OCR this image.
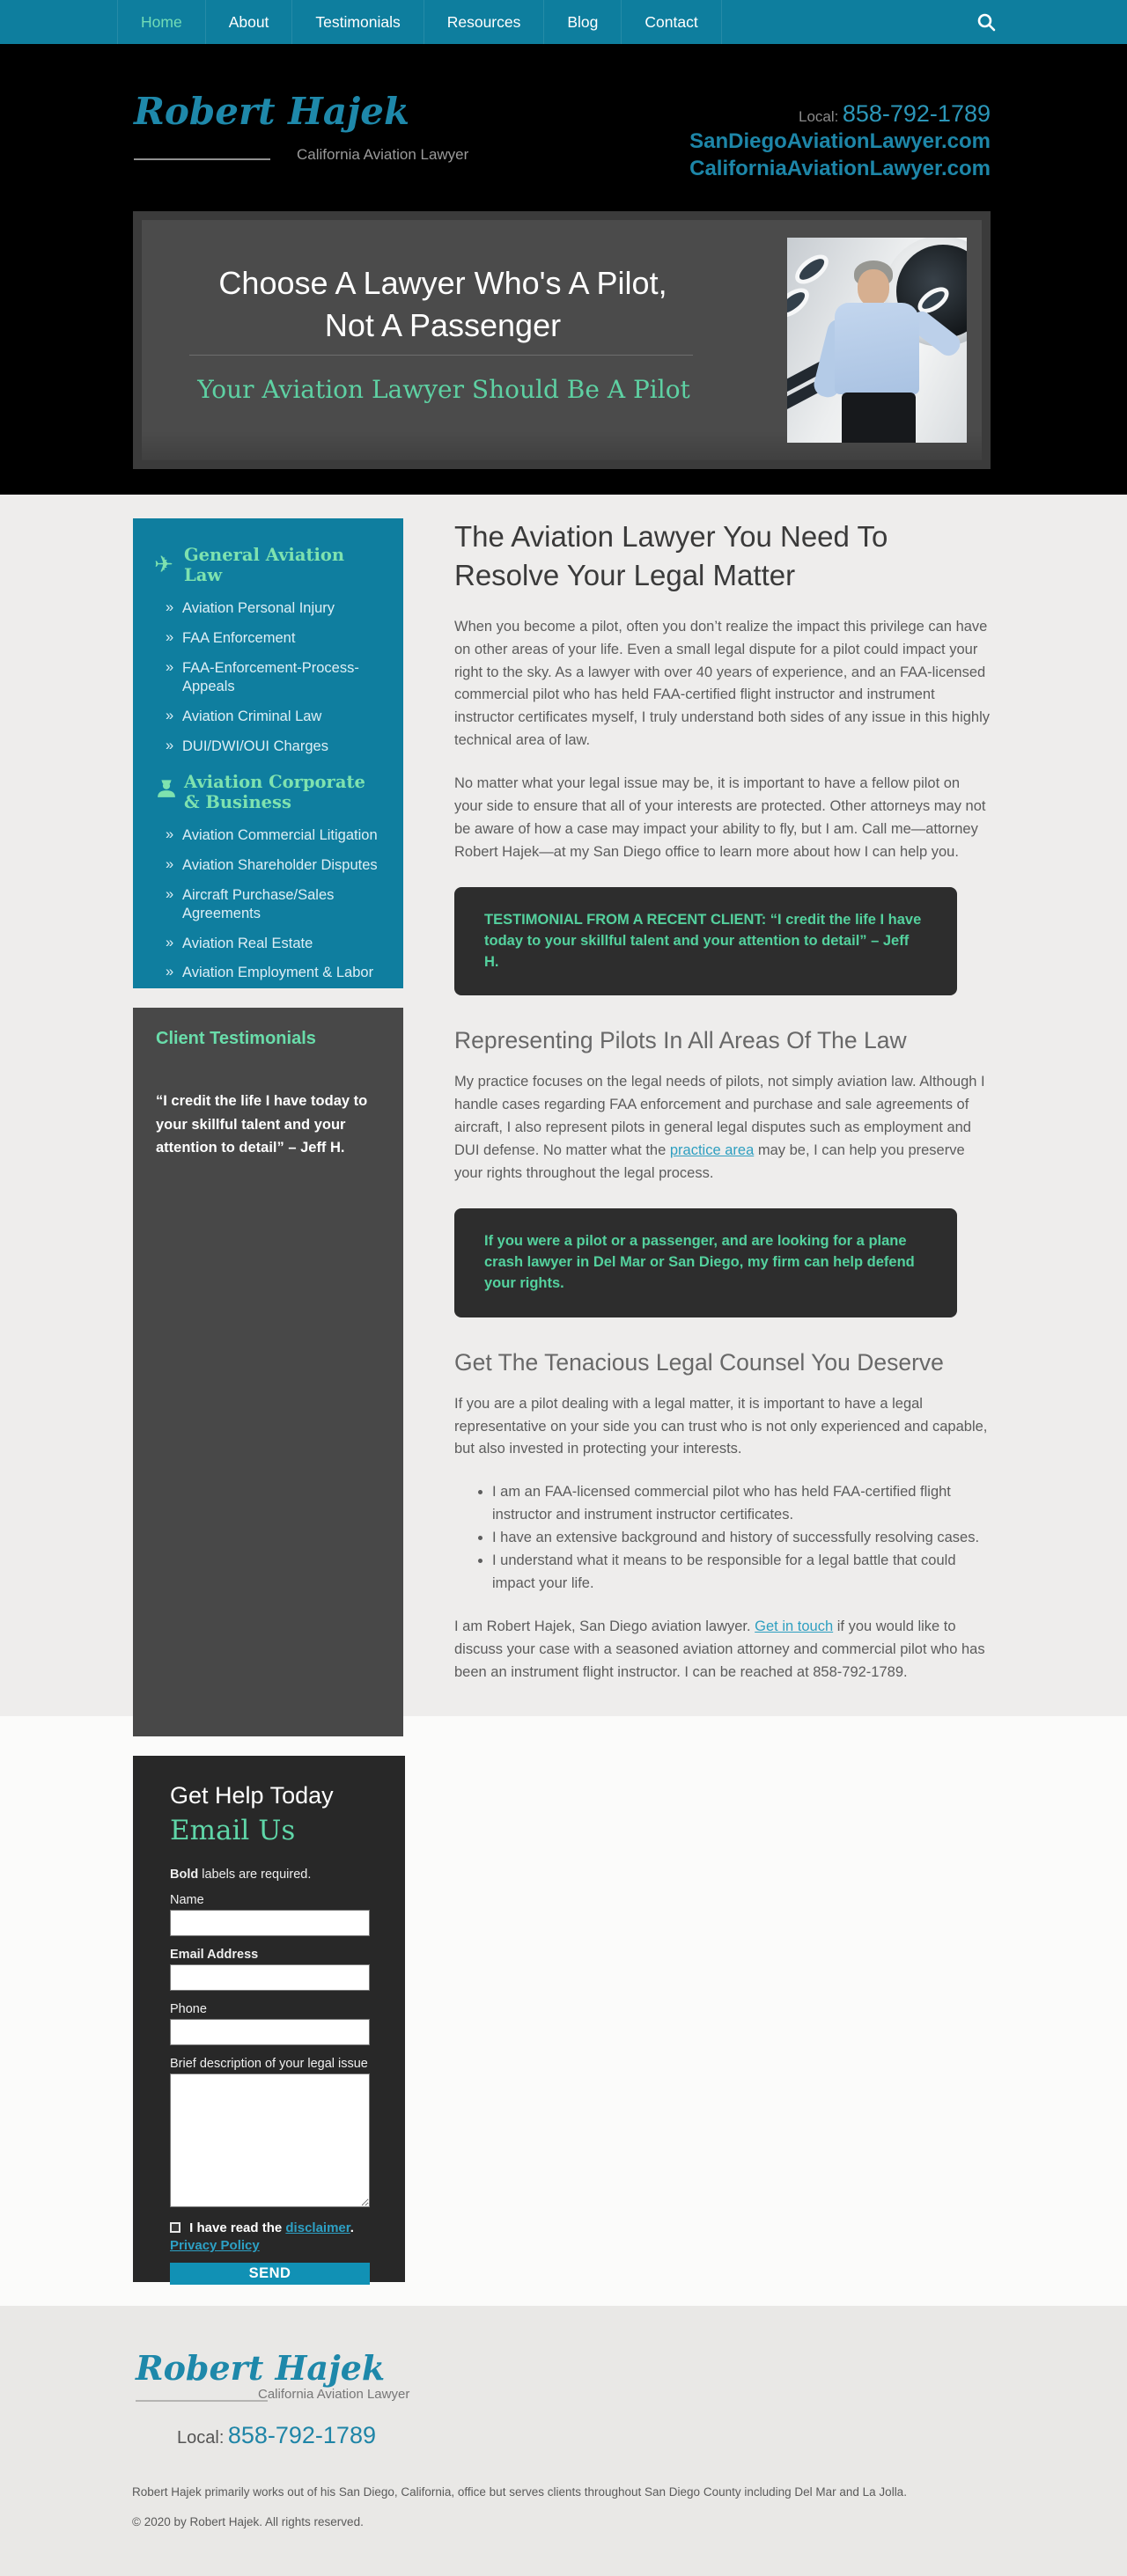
Home	About	Testimonials	Resources	Blog	Contact
Robert Hajek
California Aviation Lawyer
Local: 858-792-1789
SanDiegoAviationLawyer.com
CaliforniaAviationLawyer.com
Choose A Lawyer Who's A Pilot,
Not A Passenger
Your Aviation Lawyer Should Be A Pilot
✈ General Aviation Law
» Aviation Personal Injury
» FAA Enforcement
» FAA-Enforcement-Process-Appeals
» Aviation Criminal Law
» DUI/DWI/OUI Charges
Aviation Corporate & Business
» Aviation Commercial Litigation
» Aviation Shareholder Disputes
» Aircraft Purchase/Sales Agreements
» Aviation Real Estate
» Aviation Employment & Labor
Client Testimonials
“I credit the life I have today to your skillful talent and your attention to detail” – Jeff H.
Get Help Today
Email Us
Bold labels are required.
Name
Email Address
Phone
Brief description of your legal issue
I have read the disclaimer.
Privacy Policy
SEND
The Aviation Lawyer You Need To Resolve Your Legal Matter

When you become a pilot, often you don’t realize the impact this privilege can have on other areas of your life. Even a small legal dispute for a pilot could impact your right to the sky. As a lawyer with over 40 years of experience, and an FAA-licensed commercial pilot who has held FAA-certified flight instructor and instrument instructor certificates myself, I truly understand both sides of any issue in this highly technical area of law.

No matter what your legal issue may be, it is important to have a fellow pilot on your side to ensure that all of your interests are protected. Other attorneys may not be aware of how a case may impact your ability to fly, but I am. Call me—attorney Robert Hajek—at my San Diego office to learn more about how I can help you.

TESTIMONIAL FROM A RECENT CLIENT: “I credit the life I have today to your skillful talent and your attention to detail” – Jeff H.
Representing Pilots In All Areas Of The Law

My practice focuses on the legal needs of pilots, not simply aviation law. Although I handle cases regarding FAA enforcement and purchase and sale agreements of aircraft, I also represent pilots in general legal disputes such as employment and DUI defense. No matter what the practice area may be, I can help you preserve your rights throughout the legal process.

If you were a pilot or a passenger, and are looking for a plane crash lawyer in Del Mar or San Diego, my firm can help defend your rights.
Get The Tenacious Legal Counsel You Deserve

If you are a pilot dealing with a legal matter, it is important to have a legal representative on your side you can trust who is not only experienced and capable, but also invested in protecting your interests.

• I am an FAA-licensed commercial pilot who has held FAA-certified flight instructor and instrument instructor certificates.
• I have an extensive background and history of successfully resolving cases.
• I understand what it means to be responsible for a legal battle that could impact your life.

I am Robert Hajek, San Diego aviation lawyer. Get in touch if you would like to discuss your case with a seasoned aviation attorney and commercial pilot who has been an instrument flight instructor. I can be reached at 858-792-1789.

Robert Hajek
California Aviation Lawyer
Local: 858-792-1789
Robert Hajek primarily works out of his San Diego, California, office but serves clients throughout San Diego County including Del Mar and La Jolla.
© 2020 by Robert Hajek. All rights reserved.
